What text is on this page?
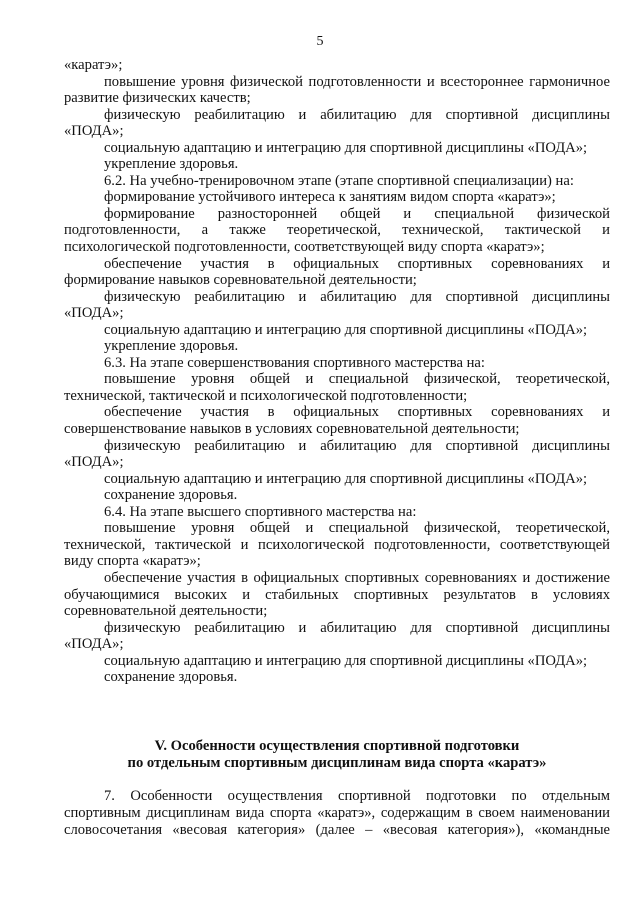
5

«каратэ»;

повышение уровня физической подготовленности и всестороннее гармоничное развитие физических качеств;

физическую реабилитацию и абилитацию для спортивной дисциплины «ПОДА»;

социальную адаптацию и интеграцию для спортивной дисциплины «ПОДА»;

укрепление здоровья.

6.2. На учебно-тренировочном этапе (этапе спортивной специализации) на:

формирование устойчивого интереса к занятиям видом спорта «каратэ»;

формирование разносторонней общей и специальной физической подготовленности, а также теоретической, технической, тактической и психологической подготовленности, соответствующей виду спорта «каратэ»;

обеспечение участия в официальных спортивных соревнованиях и формирование навыков соревновательной деятельности;

физическую реабилитацию и абилитацию для спортивной дисциплины «ПОДА»;

социальную адаптацию и интеграцию для спортивной дисциплины «ПОДА»;

укрепление здоровья.

6.3. На этапе совершенствования спортивного мастерства на:

повышение уровня общей и специальной физической, теоретической, технической, тактической и психологической подготовленности;

обеспечение участия в официальных спортивных соревнованиях и совершенствование навыков в условиях соревновательной деятельности;

физическую реабилитацию и абилитацию для спортивной дисциплины «ПОДА»;

социальную адаптацию и интеграцию для спортивной дисциплины «ПОДА»;

сохранение здоровья.

6.4. На этапе высшего спортивного мастерства на:

повышение уровня общей и специальной физической, теоретической, технической, тактической и психологической подготовленности, соответствующей виду спорта «каратэ»;

обеспечение участия в официальных спортивных соревнованиях и достижение обучающимися высоких и стабильных спортивных результатов в условиях соревновательной деятельности;

физическую реабилитацию и абилитацию для спортивной дисциплины «ПОДА»;

социальную адаптацию и интеграцию для спортивной дисциплины «ПОДА»;

сохранение здоровья.

V. Особенности осуществления спортивной подготовки
по отдельным спортивным дисциплинам вида спорта «каратэ»

7. Особенности осуществления спортивной подготовки по отдельным спортивным дисциплинам вида спорта «каратэ», содержащим в своем наименовании словосочетания «весовая категория» (далее – «весовая категория»), «командные
